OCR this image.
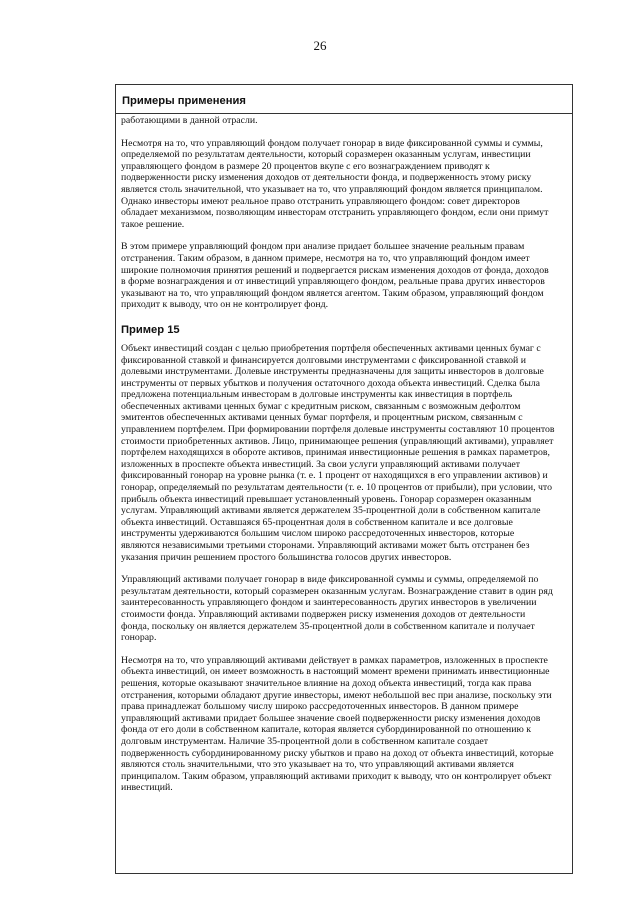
26
Примеры применения

работающими в данной отрасли.

Несмотря на то, что управляющий фондом получает гонорар в виде фиксированной суммы и суммы,
определяемой по результатам деятельности, который соразмерен оказанным услугам, инвестиции
управляющего фондом в размере 20 процентов вкупе с его вознаграждением приводят к
подверженности риску изменения доходов от деятельности фонда, и подверженность этому риску
является столь значительной, что указывает на то, что управляющий фондом является принципалом.
Однако инвесторы имеют реальное право отстранить управляющего фондом: совет директоров
обладает механизмом, позволяющим инвесторам отстранить управляющего фондом, если они примут
такое решение.

В этом примере управляющий фондом при анализе придает большее значение реальным правам
отстранения. Таким образом, в данном примере, несмотря на то, что управляющий фондом имеет
широкие полномочия принятия решений и подвергается рискам изменения доходов от фонда, доходов
в форме вознаграждения и от инвестиций управляющего фондом, реальные права других инвесторов
указывают на то, что управляющий фондом является агентом. Таким образом, управляющий фондом
приходит к выводу, что он не контролирует фонд.

Пример 15

Объект инвестиций создан с целью приобретения портфеля обеспеченных активами ценных бумаг с
фиксированной ставкой и финансируется долговыми инструментами с фиксированной ставкой и
долевыми инструментами. Долевые инструменты предназначены для защиты инвесторов в долговые
инструменты от первых убытков и получения остаточного дохода объекта инвестиций. Сделка была
предложена потенциальным инвесторам в долговые инструменты как инвестиция в портфель
обеспеченных активами ценных бумаг с кредитным риском, связанным с возможным дефолтом
эмитентов обеспеченных активами ценных бумаг портфеля, и процентным риском, связанным с
управлением портфелем. При формировании портфеля долевые инструменты составляют 10 процентов
стоимости приобретенных активов. Лицо, принимающее решения (управляющий активами), управляет
портфелем находящихся в обороте активов, принимая инвестиционные решения в рамках параметров,
изложенных в проспекте объекта инвестиций. За свои услуги управляющий активами получает
фиксированный гонорар на уровне рынка (т. е. 1 процент от находящихся в его управлении активов) и
гонорар, определяемый по результатам деятельности (т. е. 10 процентов от прибыли), при условии, что
прибыль объекта инвестиций превышает установленный уровень. Гонорар соразмерен оказанным
услугам. Управляющий активами является держателем 35-процентной доли в собственном капитале
объекта инвестиций. Оставшаяся 65-процентная доля в собственном капитале и все долговые
инструменты удерживаются большим числом широко рассредоточенных инвесторов, которые
являются независимыми третьими сторонами. Управляющий активами может быть отстранен без
указания причин решением простого большинства голосов других инвесторов.

Управляющий активами получает гонорар в виде фиксированной суммы и суммы, определяемой по
результатам деятельности, который соразмерен оказанным услугам. Вознаграждение ставит в один ряд
заинтересованность управляющего фондом и заинтересованность других инвесторов в увеличении
стоимости фонда. Управляющий активами подвержен риску изменения доходов от деятельности
фонда, поскольку он является держателем 35-процентной доли в собственном капитале и получает
гонорар.

Несмотря на то, что управляющий активами действует в рамках параметров, изложенных в проспекте
объекта инвестиций, он имеет возможность в настоящий момент времени принимать инвестиционные
решения, которые оказывают значительное влияние на доход объекта инвестиций, тогда как права
отстранения, которыми обладают другие инвесторы, имеют небольшой вес при анализе, поскольку эти
права принадлежат большому числу широко рассредоточенных инвесторов. В данном примере
управляющий активами придает большее значение своей подверженности риску изменения доходов
фонда от его доли в собственном капитале, которая является субординированной по отношению к
долговым инструментам. Наличие 35-процентной доли в собственном капитале создает
подверженность субординированному риску убытков и право на доход от объекта инвестиций, которые
являются столь значительными, что это указывает на то, что управляющий активами является
принципалом. Таким образом, управляющий активами приходит к выводу, что он контролирует объект
инвестиций.
